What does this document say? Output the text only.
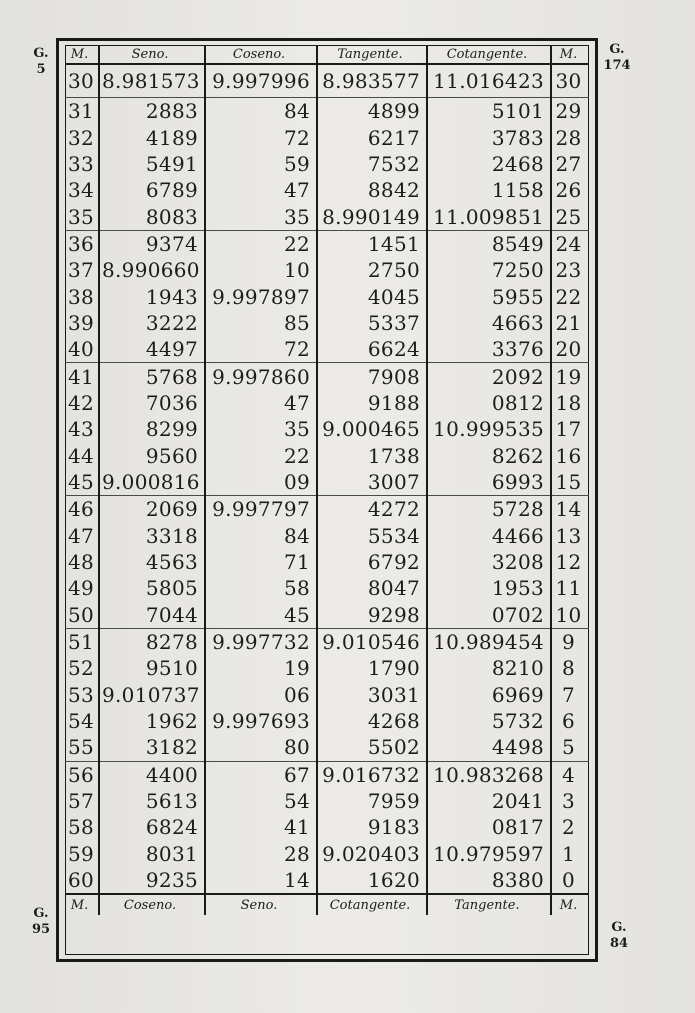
G.
5
G.
174
G.
95	G.
84
M.	Seno.	Coseno.	Tangente.	Cotangente.	M.
30	8.981573	9.997996	8.983577	11.016423	30
31	2883	84	4899	5101	29
32	4189	72	6217	3783	28
33	5491	59	7532	2468	27
34	6789	47	8842	1158	26
35	8083	35	8.990149	11.009851	25
36	9374	22	1451	8549	24
37	8.990660	10	2750	7250	23
38	1943	9.997897	4045	5955	22
39	3222	85	5337	4663	21
40	4497	72	6624	3376	20
41	5768	9.997860	7908	2092	19
42	7036	47	9188	0812	18
43	8299	35	9.000465	10.999535	17
44	9560	22	1738	8262	16
45	9.000816	09	3007	6993	15
46	2069	9.997797	4272	5728	14
47	3318	84	5534	4466	13
48	4563	71	6792	3208	12
49	5805	58	8047	1953	11
50	7044	45	9298	0702	10
51	8278	9.997732	9.010546	10.989454	9
52	9510	19	1790	8210	8
53	9.010737	06	3031	6969	7
54	1962	9.997693	4268	5732	6
55	3182	80	5502	4498	5
56	4400	67	9.016732	10.983268	4
57	5613	54	7959	2041	3
58	6824	41	9183	0817	2
59	8031	28	9.020403	10.979597	1
60	9235	14	1620	8380	0
M.	Coseno.	Seno.	Cotangente.	Tangente.	M.
